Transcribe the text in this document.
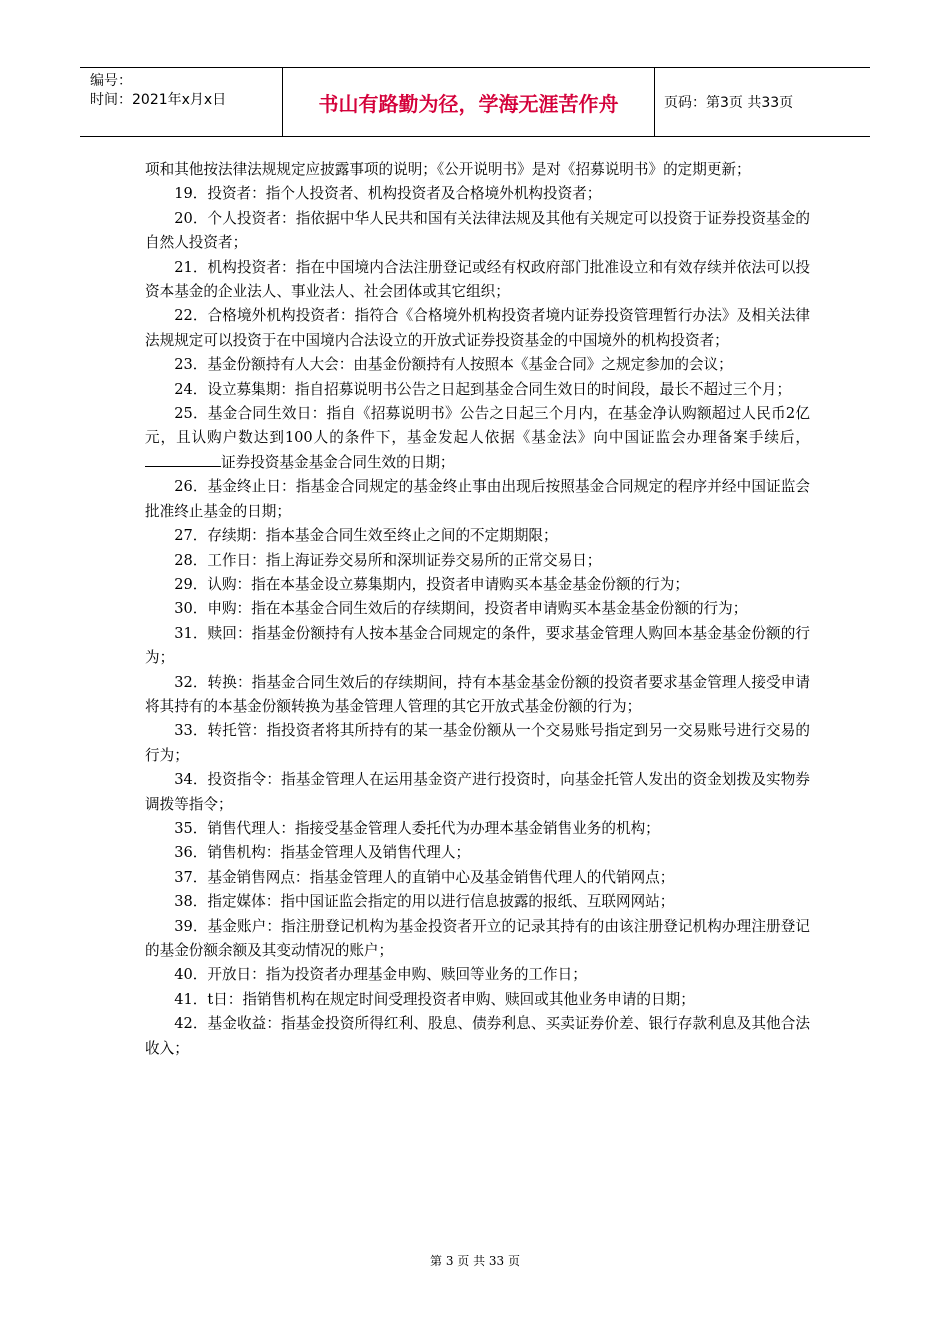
编号：
时间：2021年x月x日	书山有路勤为径，学海无涯苦作舟	页码：第3页 共33页

项和其他按法律法规规定应披露事项的说明；《公开说明书》是对《招募说明书》的定期更新；

19．投资者：指个人投资者、机构投资者及合格境外机构投资者；

20．个人投资者：指依据中华人民共和国有关法律法规及其他有关规定可以投资于证券投资基金的自然人投资者；

21．机构投资者：指在中国境内合法注册登记或经有权政府部门批准设立和有效存续并依法可以投资本基金的企业法人、事业法人、社会团体或其它组织；

22．合格境外机构投资者：指符合《合格境外机构投资者境内证券投资管理暂行办法》及相关法律法规规定可以投资于在中国境内合法设立的开放式证券投资基金的中国境外的机构投资者；

23．基金份额持有人大会：由基金份额持有人按照本《基金合同》之规定参加的会议；

24．设立募集期：指自招募说明书公告之日起到基金合同生效日的时间段，最长不超过三个月；

25．基金合同生效日：指自《招募说明书》公告之日起三个月内，在基金净认购额超过人民币2亿元，且认购户数达到100人的条件下，基金发起人依据《基金法》向中国证监会办理备案手续后，证券投资基金基金合同生效的日期；

26．基金终止日：指基金合同规定的基金终止事由出现后按照基金合同规定的程序并经中国证监会批准终止基金的日期；

27．存续期：指本基金合同生效至终止之间的不定期期限；

28．工作日：指上海证券交易所和深圳证券交易所的正常交易日；

29．认购：指在本基金设立募集期内，投资者申请购买本基金基金份额的行为；

30．申购：指在本基金合同生效后的存续期间，投资者申请购买本基金基金份额的行为；

31．赎回：指基金份额持有人按本基金合同规定的条件，要求基金管理人购回本基金基金份额的行为；

32．转换：指基金合同生效后的存续期间，持有本基金基金份额的投资者要求基金管理人接受申请将其持有的本基金份额转换为基金管理人管理的其它开放式基金份额的行为；

33．转托管：指投资者将其所持有的某一基金份额从一个交易账号指定到另一交易账号进行交易的行为；

34．投资指令：指基金管理人在运用基金资产进行投资时，向基金托管人发出的资金划拨及实物券调拨等指令；

35．销售代理人：指接受基金管理人委托代为办理本基金销售业务的机构；

36．销售机构：指基金管理人及销售代理人；

37．基金销售网点：指基金管理人的直销中心及基金销售代理人的代销网点；

38．指定媒体：指中国证监会指定的用以进行信息披露的报纸、互联网网站；

39．基金账户：指注册登记机构为基金投资者开立的记录其持有的由该注册登记机构办理注册登记的基金份额余额及其变动情况的账户；

40．开放日：指为投资者办理基金申购、赎回等业务的工作日；

41．t日：指销售机构在规定时间受理投资者申购、赎回或其他业务申请的日期；

42．基金收益：指基金投资所得红利、股息、债券利息、买卖证券价差、银行存款利息及其他合法收入；

第 3 页 共 33 页
